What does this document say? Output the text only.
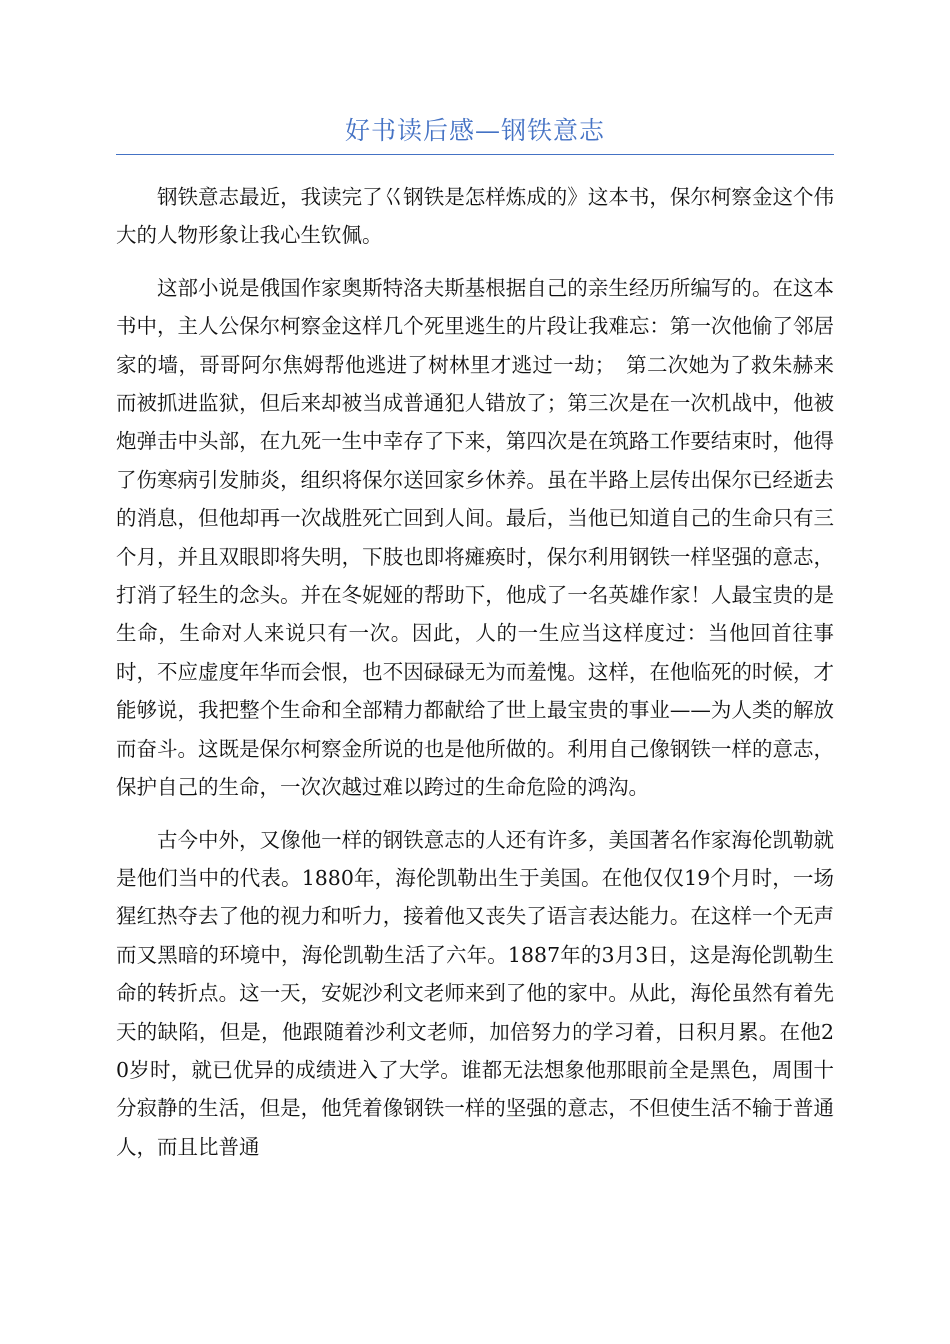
好书读后感—钢铁意志

钢铁意志最近，我读完了巜钢铁是怎样炼成的》这本书，保尔柯察金这个伟大的人物形象让我心生钦佩。

这部小说是俄国作家奥斯特洛夫斯基根据自己的亲生经历所编写的。在这本书中，主人公保尔柯察金这样几个死里逃生的片段让我难忘：第一次他偷了邻居家的墙，哥哥阿尔焦姆帮他逃进了树林里才逃过一劫；　第二次她为了救朱赫来而被抓进监狱，但后来却被当成普通犯人错放了；第三次是在一次机战中，他被炮弹击中头部，在九死一生中幸存了下来，第四次是在筑路工作要结束时，他得了伤寒病引发肺炎，组织将保尔送回家乡休养。虽在半路上层传出保尔已经逝去的消息，但他却再一次战胜死亡回到人间。最后，当他已知道自己的生命只有三个月，并且双眼即将失明，下肢也即将瘫痪时，保尔利用钢铁一样坚强的意志，打消了轻生的念头。并在冬妮娅的帮助下，他成了一名英雄作家！人最宝贵的是生命，生命对人来说只有一次。因此，人的一生应当这样度过：当他回首往事时，不应虚度年华而会恨，也不因碌碌无为而羞愧。这样，在他临死的时候，才能够说，我把整个生命和全部精力都献给了世上最宝贵的事业——为人类的解放而奋斗。这既是保尔柯察金所说的也是他所做的。利用自己像钢铁一样的意志，保护自己的生命，一次次越过难以跨过的生命危险的鸿沟。

古今中外，又像他一样的钢铁意志的人还有许多，美国著名作家海伦凯勒就是他们当中的代表。1880年，海伦凯勒出生于美国。在他仅仅19个月时，一场猩红热夺去了他的视力和听力，接着他又丧失了语言表达能力。在这样一个无声而又黑暗的环境中，海伦凯勒生活了六年。1887年的3月3日，这是海伦凯勒生命的转折点。这一天，安妮沙利文老师来到了他的家中。从此，海伦虽然有着先天的缺陷，但是，他跟随着沙利文老师，加倍努力的学习着，日积月累。在他20岁时，就已优异的成绩进入了大学。谁都无法想象他那眼前全是黑色，周围十分寂静的生活，但是，他凭着像钢铁一样的坚强的意志，不但使生活不输于普通人，而且比普通
